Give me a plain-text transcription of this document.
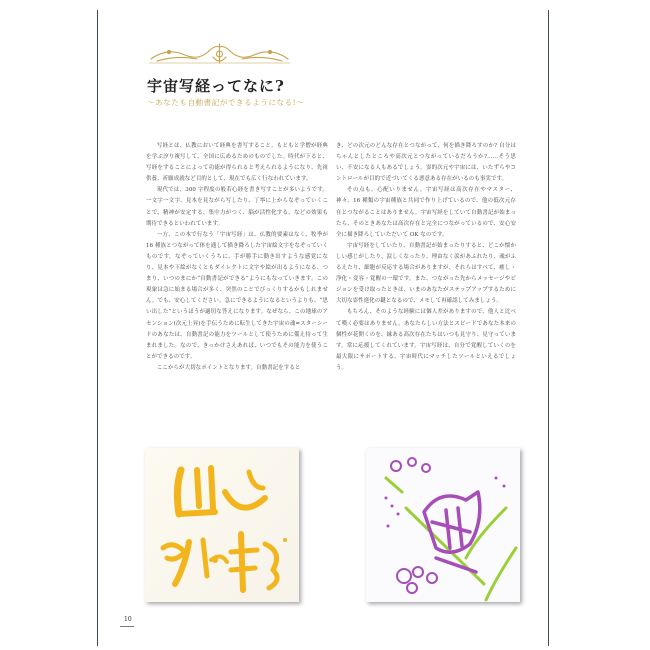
宇宙写経ってなに?

〜あなたも自動書記ができるようになる!〜

写経とは、仏教において経典を書写すること。もともと学僧が経典を学ぶ汐り複写して、全国に広めるためのものでした。時代が下ると、写経をすることによって功徳が得られると考えられるようになり、先祖供養、祈願成就など目的として、現在でも広く行なわれています。

現代では、300 字程度の般若心経を書き写すことが多いようです。一文字一文字、見本を見ながら写したり、丁寧に上からなぞっていくことで、精神が安定する、集中力がつく、脳が活性化する、などの効果も期待できるといわれています。

一方、この本で行なう「宇宙写経」は、仏教的要素はなく、牧季が 16 種族とつながって体を通して描き降ろした宇宙絵文字をなぞっていくものです。なぞっていくうちに、手が勝手に動き出すような感覚になり、見本や下絵がなくともダイレクトに文字や絵が出るようになる、つまり、いつのまにか“自動書記ができる”ようにもなっていきます。この現象は急に始まる場合が多く、突然のことでびっくりするかもしれません。でも、安心してください。急にできるようになるというよりも、“思い出した”というほうが適切な答えになります。なぜなら、この地球のアセンション(次元上昇)を手伝うために転生してきた宇宙の魂=スターシードのあなたは、自動書記の能力をツールとして使うために備え持って生まれました。なので、きっかけさえあれば、いつでもその能力を使うことができるのです。

ここからが大切なポイントとなります。自動書記をすると

き、どの次元のどんな存在とつながって、何を描き降ろすのか? 自分はちゃんとしたところや高次元とつながっているだろうか?……そう思い、不安になる人もあるでしょう。霊的次元や宇宙には、いたずらやコントロールが目的で近づいてくる悪意ある存在がいるのも事実です。

その点も、心配いりません。宇宙写経は高次存在やマスター、神々、16 種類の宇宙種族と共同で作り上げているので、他の低次元存在とつながることはありません。宇宙写経をしていて自動書記が始まったら、そのときあなたは高次存在と完全につながっているので、安心安全に描き降ろしていただいて OK なのです。

宇宙写経をしていたり、自動書記が始まったりすると、どこか懐かしい感じがしたり、涙しくなったり、理由なく涙があふれたり、魂がふるえたり、細胞が反応する場合がありますが、それらはすべて、癒し・浄化・変容・覚醒の一環です。また、つながった先からメッセージやビジョンを受け取ったときは、いまのあなたがステップアップするために大切な霊性進化の鍵となるので、メモして再確認してみましょう。

もちろん、そのような経験には個人差がありますので、他人と比べて嘆く必要はありません。あなたらしい方法とスピードであなた本来の個性が花開くのを、縁ある高次存在たちはいつも見守り、見守っています。常に応援してくれています。宇宙写経は、自分で覚醒していくのを最大限にサポートする、宇宙時代にマッチしたツールといえるでしょう。

10
